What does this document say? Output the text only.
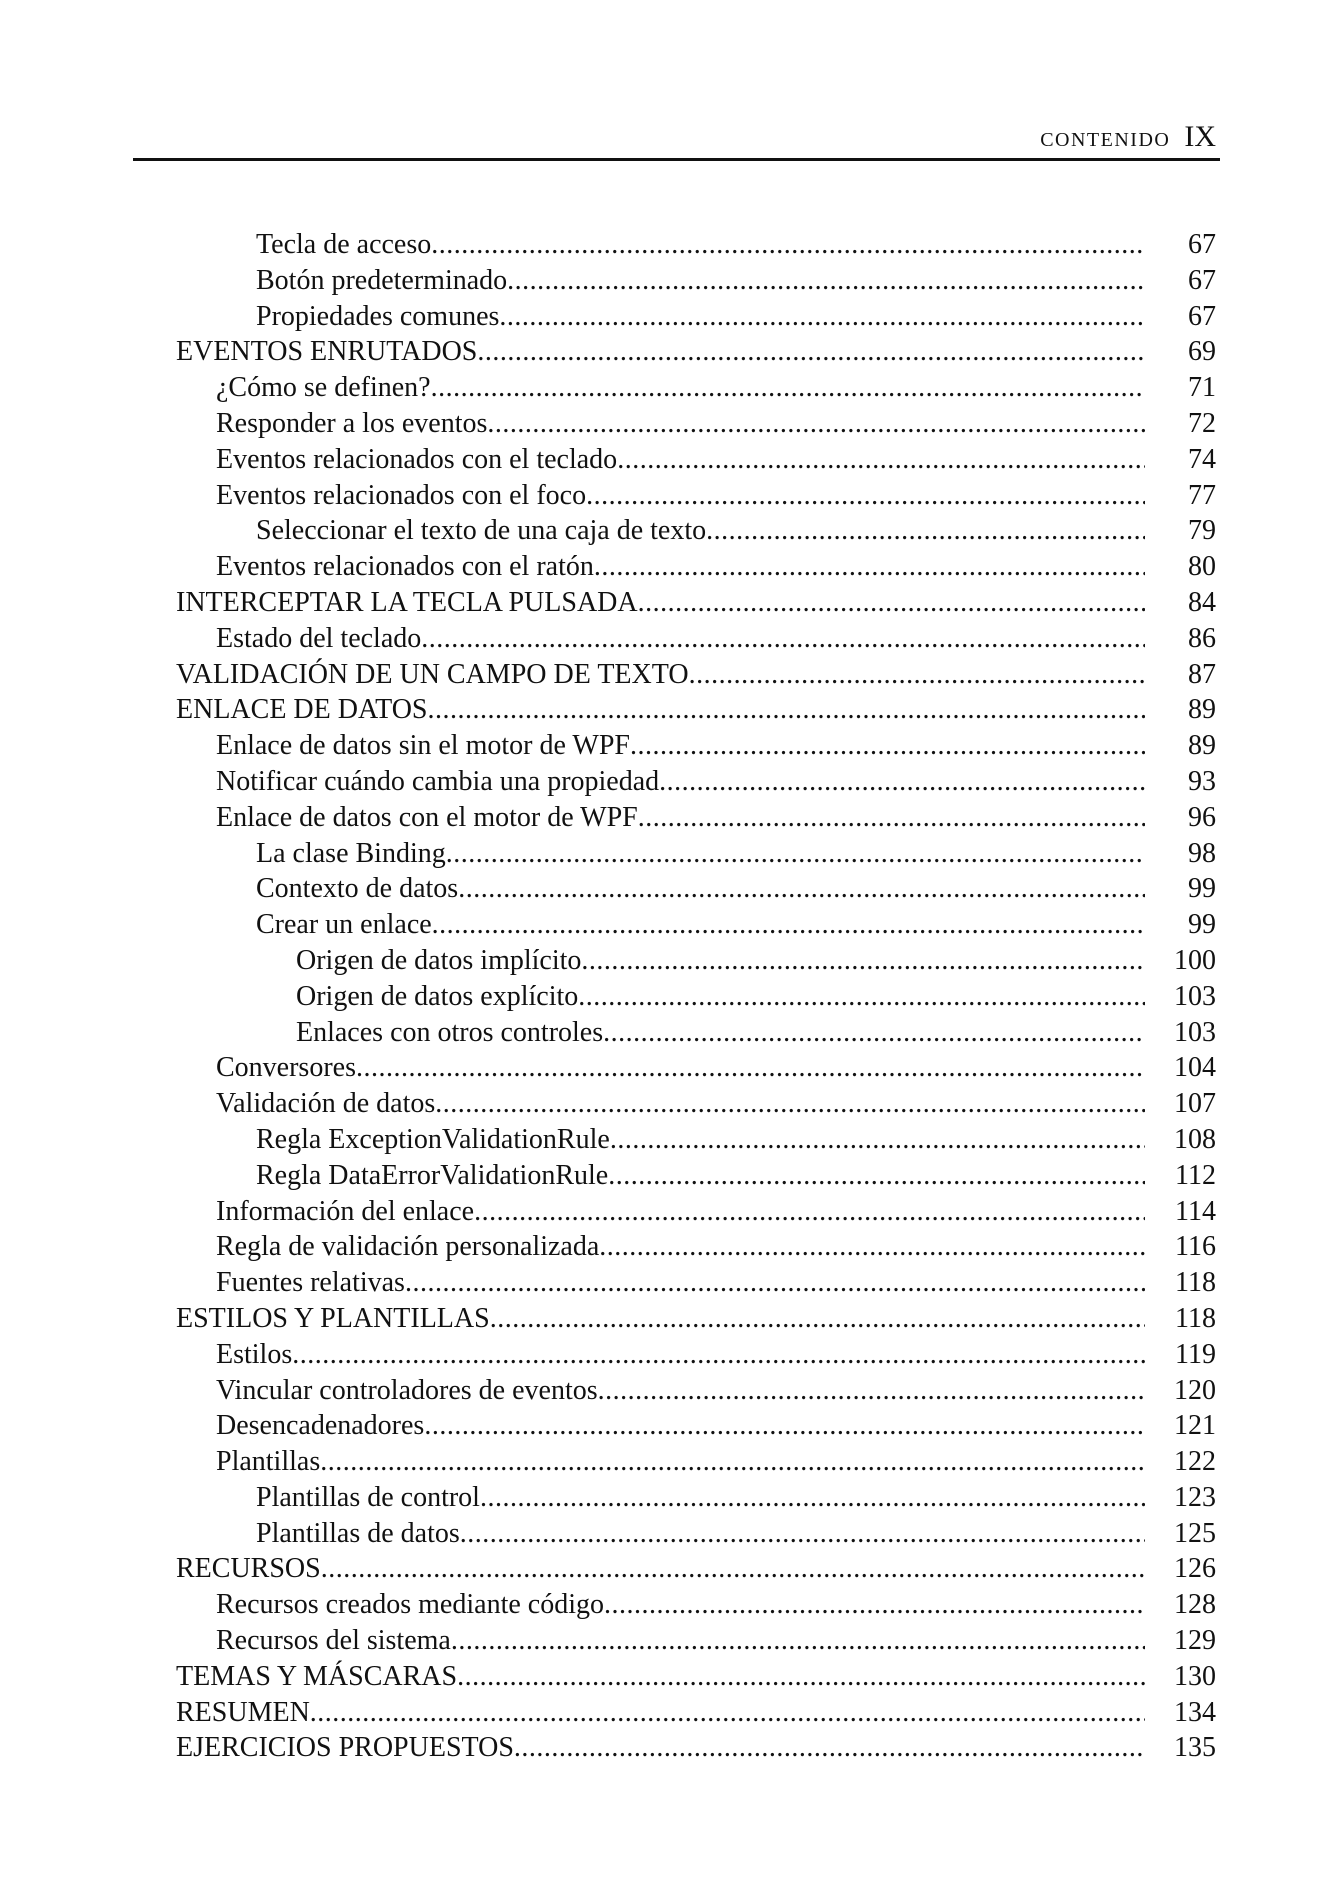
CONTENIDO IX
Tecla de acceso .....	67
Botón predeterminado .....	67
Propiedades comunes .....	67
EVENTOS ENRUTADOS .....	69
¿Cómo se definen? .....	71
Responder a los eventos .....	72
Eventos relacionados con el teclado .....	74
Eventos relacionados con el foco .....	77
Seleccionar el texto de una caja de texto .....	79
Eventos relacionados con el ratón .....	80
INTERCEPTAR LA TECLA PULSADA .....	84
Estado del teclado .....	86
VALIDACIÓN DE UN CAMPO DE TEXTO .....	87
ENLACE DE DATOS .....	89
Enlace de datos sin el motor de WPF .....	89
Notificar cuándo cambia una propiedad .....	93
Enlace de datos con el motor de WPF .....	96
La clase Binding .....	98
Contexto de datos .....	99
Crear un enlace .....	99
Origen de datos implícito .....	100
Origen de datos explícito .....	103
Enlaces con otros controles .....	103
Conversores .....	104
Validación de datos .....	107
Regla ExceptionValidationRule .....	108
Regla DataErrorValidationRule .....	112
Información del enlace .....	114
Regla de validación personalizada .....	116
Fuentes relativas .....	118
ESTILOS Y PLANTILLAS .....	118
Estilos .....	119
Vincular controladores de eventos .....	120
Desencadenadores .....	121
Plantillas .....	122
Plantillas de control .....	123
Plantillas de datos .....	125
RECURSOS .....	126
Recursos creados mediante código .....	128
Recursos del sistema .....	129
TEMAS Y MÁSCARAS .....	130
RESUMEN .....	134
EJERCICIOS PROPUESTOS .....	135
